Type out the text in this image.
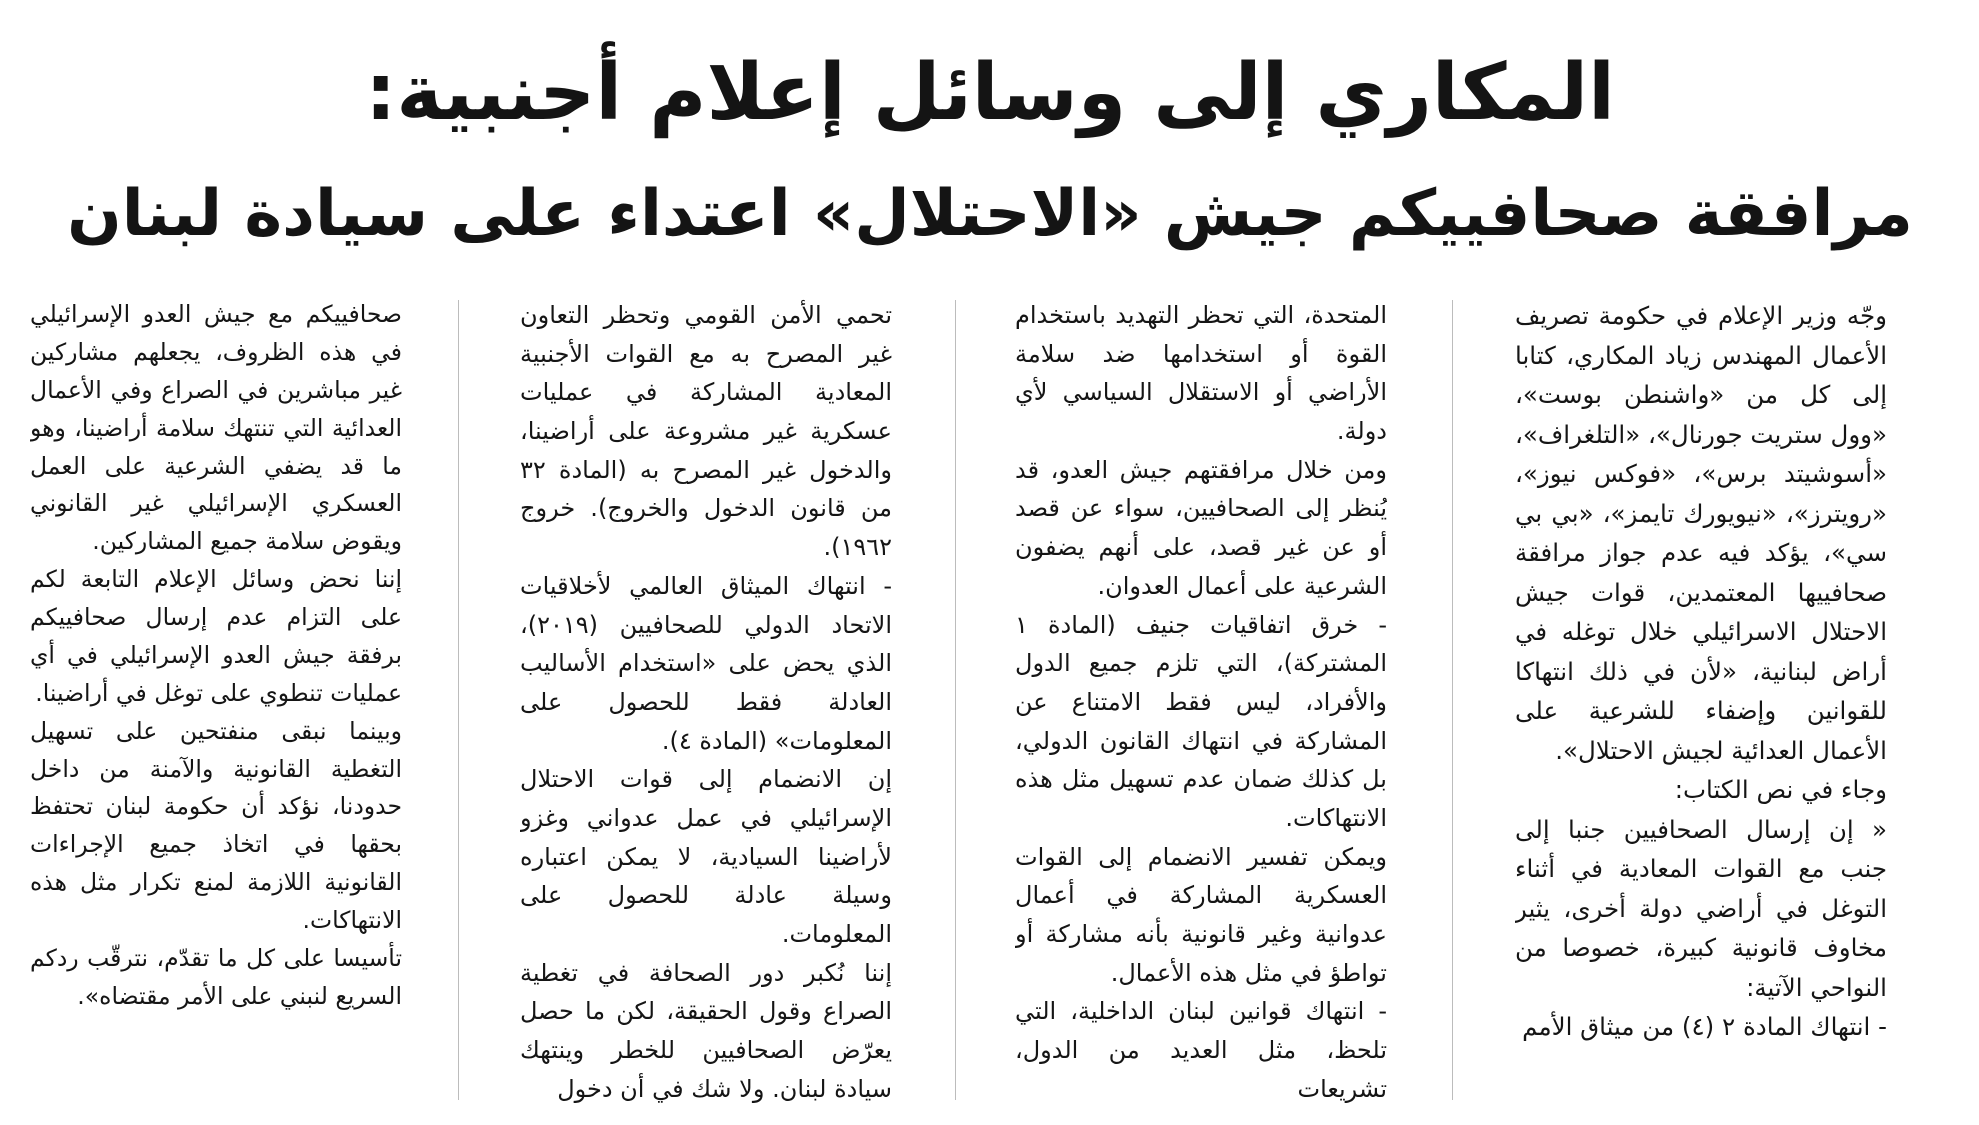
المكاري إلى وسائل إعلام أجنبية:
مرافقة صحافييكم جيش «الاحتلال» اعتداء على سيادة لبنان

وجّه وزير الإعلام في حكومة تصريف الأعمال المهندس زياد المكاري، كتابا إلى كل من «واشنطن بوست»، «وول ستريت جورنال»، «التلغراف»، «أسوشيتد برس»، «فوكس نيوز»، «رويترز»، «نيويورك تايمز»، «بي بي سي»، يؤكد فيه عدم جواز مرافقة صحافييها المعتمدين، قوات جيش الاحتلال الاسرائيلي خلال توغله في أراض لبنانية، «لأن في ذلك انتهاكا للقوانين وإضفاء للشرعية على الأعمال العدائية لجيش الاحتلال».

وجاء في نص الكتاب:

« إن إرسال الصحافيين جنبا إلى جنب مع القوات المعادية في أثناء التوغل في أراضي دولة أخرى، يثير مخاوف قانونية كبيرة، خصوصا من النواحي الآتية:

- انتهاك المادة ٢ (٤) من ميثاق الأمم

المتحدة، التي تحظر التهديد باستخدام القوة أو استخدامها ضد سلامة الأراضي أو الاستقلال السياسي لأي دولة.

ومن خلال مرافقتهم جيش العدو، قد يُنظر إلى الصحافيين، سواء عن قصد أو عن غير قصد، على أنهم يضفون الشرعية على أعمال العدوان.

- خرق اتفاقيات جنيف (المادة ١ المشتركة)، التي تلزم جميع الدول والأفراد، ليس فقط الامتناع عن المشاركة في انتهاك القانون الدولي، بل كذلك ضمان عدم تسهيل مثل هذه الانتهاكات.

ويمكن تفسير الانضمام إلى القوات العسكرية المشاركة في أعمال عدوانية وغير قانونية بأنه مشاركة أو تواطؤ في مثل هذه الأعمال.

- انتهاك قوانين لبنان الداخلية، التي تلحظ، مثل العديد من الدول، تشريعات

تحمي الأمن القومي وتحظر التعاون غير المصرح به مع القوات الأجنبية المعادية المشاركة في عمليات عسكرية غير مشروعة على أراضينا، والدخول غير المصرح به (المادة ٣٢ من قانون الدخول والخروج). خروج ١٩٦٢).

- انتهاك الميثاق العالمي لأخلاقيات الاتحاد الدولي للصحافيين (٢٠١٩)، الذي يحض على «استخدام الأساليب العادلة فقط للحصول على المعلومات» (المادة ٤).

إن الانضمام إلى قوات الاحتلال الإسرائيلي في عمل عدواني وغزو لأراضينا السيادية، لا يمكن اعتباره وسيلة عادلة للحصول على المعلومات.

إننا نُكبر دور الصحافة في تغطية الصراع وقول الحقيقة، لكن ما حصل يعرّض الصحافيين للخطر وينتهك سيادة لبنان. ولا شك في أن دخول

صحافييكم مع جيش العدو الإسرائيلي في هذه الظروف، يجعلهم مشاركين غير مباشرين في الصراع وفي الأعمال العدائية التي تنتهك سلامة أراضينا، وهو ما قد يضفي الشرعية على العمل العسكري الإسرائيلي غير القانوني ويقوض سلامة جميع المشاركين.

إننا نحض وسائل الإعلام التابعة لكم على التزام عدم إرسال صحافييكم برفقة جيش العدو الإسرائيلي في أي عمليات تنطوي على توغل في أراضينا.

وبينما نبقى منفتحين على تسهيل التغطية القانونية والآمنة من داخل حدودنا، نؤكد أن حكومة لبنان تحتفظ بحقها في اتخاذ جميع الإجراءات القانونية اللازمة لمنع تكرار مثل هذه الانتهاكات.

تأسيسا على كل ما تقدّم، نترقّب ردكم السريع لنبني على الأمر مقتضاه».
